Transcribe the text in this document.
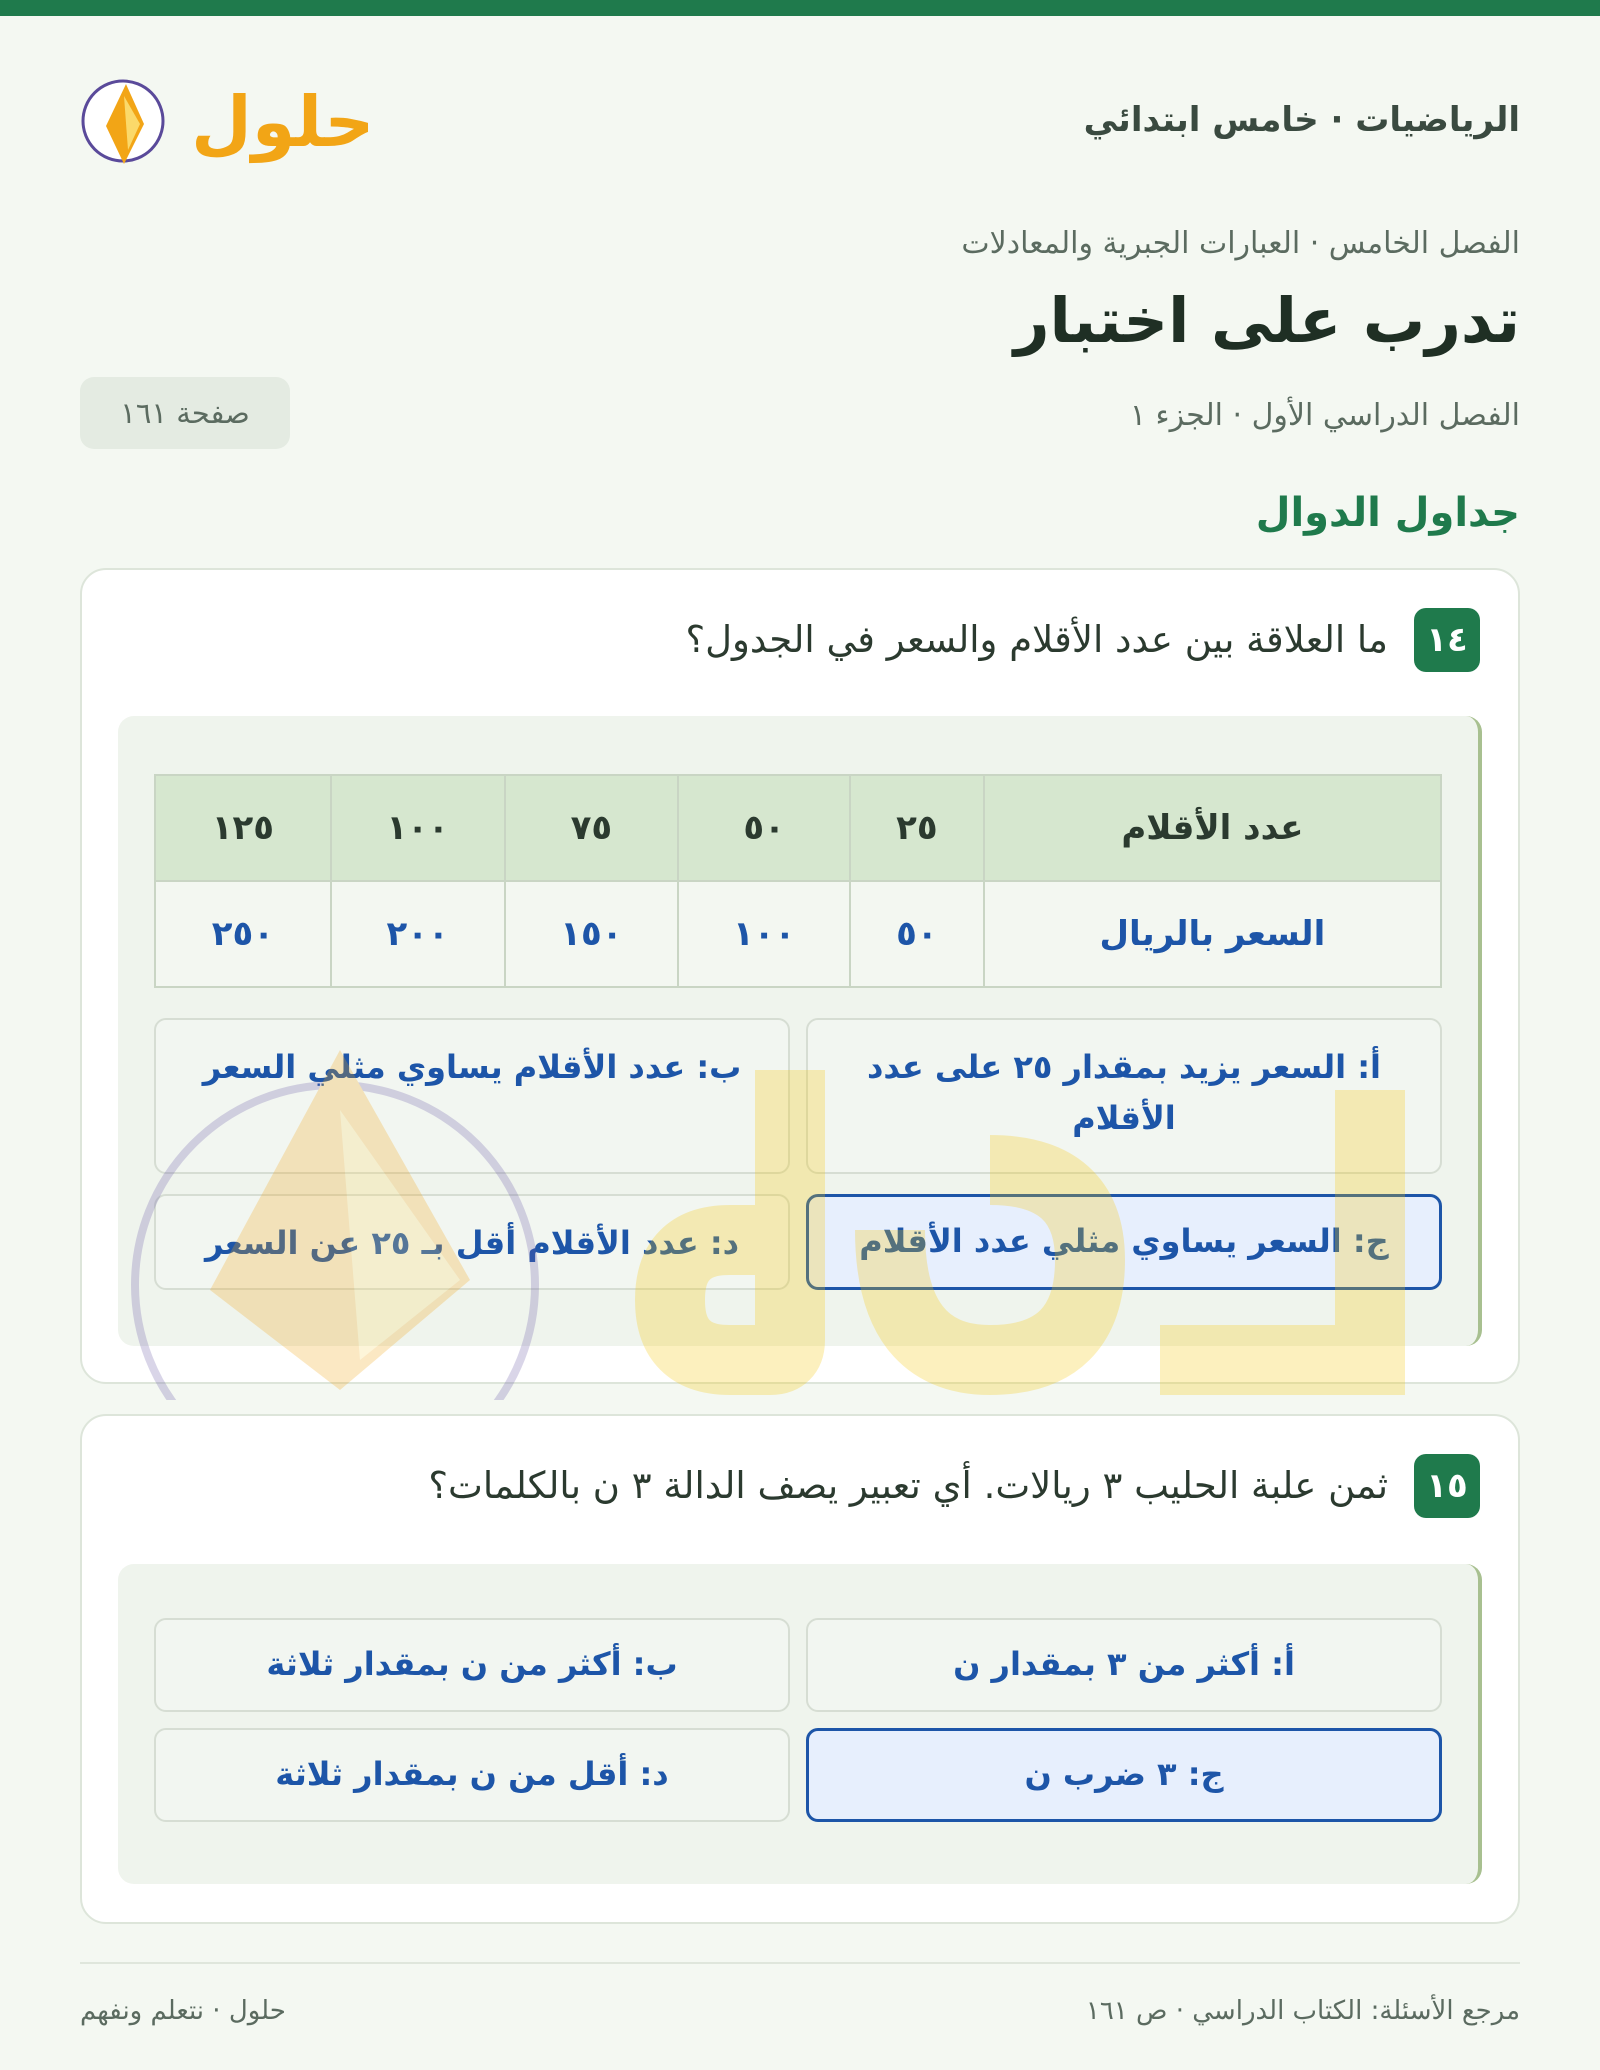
الرياضيات · خامس ابتدائي
حلول
الفصل الخامس · العبارات الجبرية والمعادلات
تدرب على اختبار
الفصل الدراسي الأول · الجزء ١
صفحة ١٦١
جداول الدوال
١٤
ما العلاقة بين عدد الأقلام والسعر في الجدول؟
عدد الأقلام	٢٥	٥٠	٧٥	١٠٠	١٢٥
السعر بالريال	٥٠	١٠٠	١٥٠	٢٠٠	٢٥٠
أ: السعر يزيد بمقدار ٢٥ على عدد الأقلام
ب: عدد الأقلام يساوي مثلي السعر
ج: السعر يساوي مثلي عدد الأقلام
د: عدد الأقلام أقل بـ ٢٥ عن السعر
١٥
ثمن علبة الحليب ٣ ريالات. أي تعبير يصف الدالة ٣ ن بالكلمات؟
أ: أكثر من ٣ بمقدار ن
ب: أكثر من ن بمقدار ثلاثة
ج: ٣ ضرب ن
د: أقل من ن بمقدار ثلاثة
مرجع الأسئلة: الكتاب الدراسي · ص ١٦١
حلول · نتعلم ونفهم
